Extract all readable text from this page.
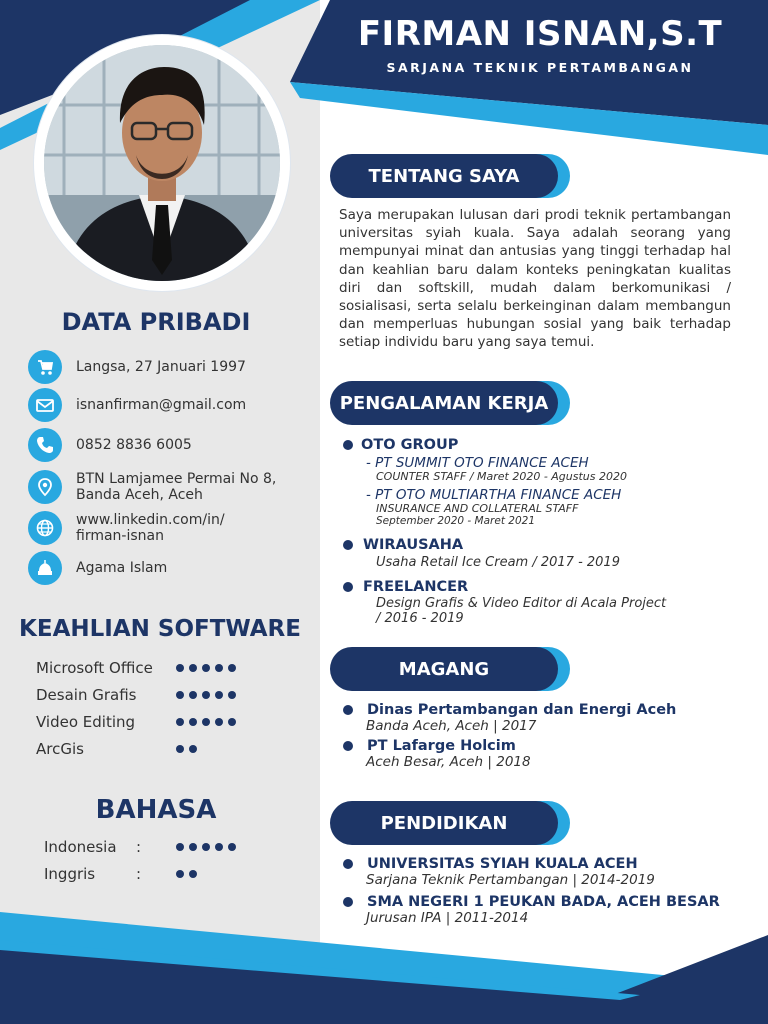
FIRMAN ISNAN,S.T
SARJANA TEKNIK PERTAMBANGAN
DATA PRIBADI
Langsa, 27 Januari 1997
isnanfirman@gmail.com
0852 8836 6005
BTN Lamjamee Permai No 8,
Banda Aceh, Aceh
www.linkedin.com/in/
firman-isnan
Agama Islam
KEAHLIAN SOFTWARE
Microsoft Office
Desain Grafis
Video Editing
ArcGis
BAHASA
Indonesia	:
Inggris	:
TENTANG SAYA
Saya merupakan lulusan dari prodi teknik pertambangan universitas syiah kuala. Saya adalah seorang yang mempunyai minat dan antusias yang tinggi terhadap hal dan keahlian baru dalam konteks peningkatan kualitas diri dan softskill, mudah dalam berkomunikasi / sosialisasi, serta selalu berkeinginan dalam membangun dan memperluas hubungan sosial yang baik terhadap setiap individu baru yang saya temui.
PENGALAMAN KERJA
OTO GROUP
- PT SUMMIT OTO FINANCE ACEH
COUNTER STAFF / Maret 2020 - Agustus 2020
- PT OTO MULTIARTHA FINANCE ACEH
INSURANCE AND COLLATERAL STAFF
September 2020 - Maret 2021
WIRAUSAHA
Usaha Retail Ice Cream / 2017 - 2019
FREELANCER
Design Grafis & Video Editor di Acala Project
/ 2016 - 2019
MAGANG
Dinas Pertambangan dan Energi Aceh
Banda Aceh, Aceh | 2017
PT Lafarge Holcim
Aceh Besar, Aceh | 2018
PENDIDIKAN
UNIVERSITAS SYIAH KUALA ACEH
Sarjana Teknik Pertambangan | 2014-2019
SMA NEGERI 1 PEUKAN BADA, ACEH BESAR
Jurusan IPA | 2011-2014
